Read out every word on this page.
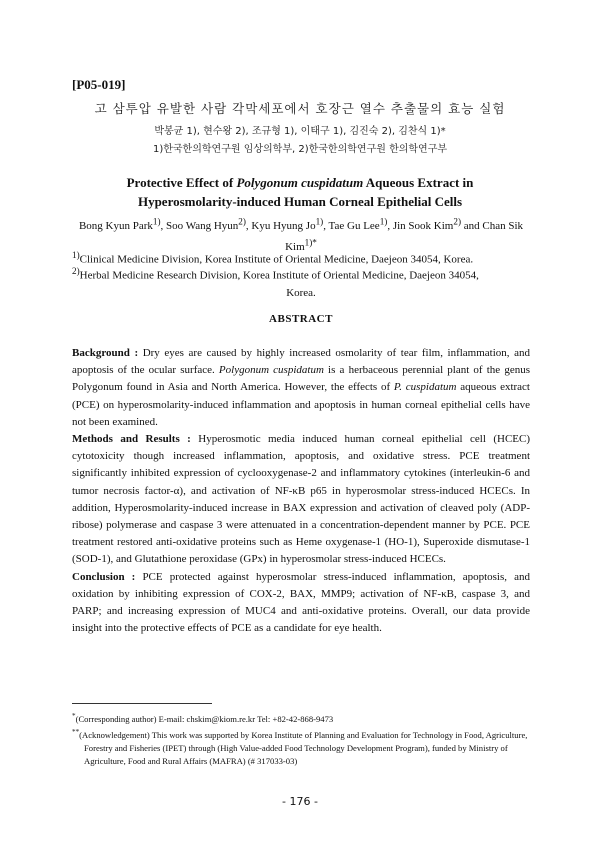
[P05-019]
고 삼투압 유발한 사람 각막세포에서 호장근 열수 추출물의 효능 실험
박봉균 1), 현수왕 2), 조규형 1), 이태구 1), 김진숙 2), 김찬식 1)*
1)한국한의학연구원 임상의학부, 2)한국한의학연구원 한의학연구부
Protective Effect of Polygonum cuspidatum Aqueous Extract in
Hyperosmolarity-induced Human Corneal Epithelial Cells
Bong Kyun Park$^{1)}$, Soo Wang Hyun$^{2)}$, Kyu Hyung Jo$^{1)}$, Tae Gu Lee$^{1)}$, Jin Sook Kim$^{2)}$ and Chan Sik Kim$^{1)*}$
$^{1)}$Clinical Medicine Division, Korea Institute of Oriental Medicine, Daejeon 34054, Korea.
$^{2)}$Herbal Medicine Research Division, Korea Institute of Oriental Medicine, Daejeon 34054,
Korea.
ABSTRACT

Background : Dry eyes are caused by highly increased osmolarity of tear film, inflammation, and apoptosis of the ocular surface. Polygonum cuspidatum is a herbaceous perennial plant of the genus Polygonum found in Asia and North America. However, the effects of P. cuspidatum aqueous extract (PCE) on hyperosmolarity-induced inflammation and apoptosis in human corneal epithelial cells have not been examined.

Methods and Results : Hyperosmotic media induced human corneal epithelial cell (HCEC) cytotoxicity though increased inflammation, apoptosis, and oxidative stress. PCE treatment significantly inhibited expression of cyclooxygenase-2 and inflammatory cytokines (interleukin-6 and tumor necrosis factor-α), and activation of NF-κB p65 in hyperosmolar stress-induced HCECs. In addition, Hyperosmolarity-induced increase in BAX expression and activation of cleaved poly (ADP-ribose) polymerase and caspase 3 were attenuated in a concentration-dependent manner by PCE. PCE treatment restored anti-oxidative proteins such as Heme oxygenase-1 (HO-1), Superoxide dismutase-1 (SOD-1), and Glutathione peroxidase (GPx) in hyperosmolar stress-induced HCECs.

Conclusion : PCE protected against hyperosmolar stress-induced inflammation, apoptosis, and oxidation by inhibiting expression of COX-2, BAX, MMP9; activation of NF-κB, caspase 3, and PARP; and increasing expression of MUC4 and anti-oxidative proteins. Overall, our data provide insight into the protective effects of PCE as a candidate for eye health.

*(Corresponding author) E-mail: chskim@kiom.re.kr Tel: +82-42-868-9473

**(Acknowledgement) This work was supported by Korea Institute of Planning and Evaluation for Technology in Food, Agriculture, Forestry and Fisheries (IPET) through (High Value-added Food Technology Development Program), funded by Ministry of Agriculture, Food and Rural Affairs (MAFRA) (# 317033-03)

- 176 -
